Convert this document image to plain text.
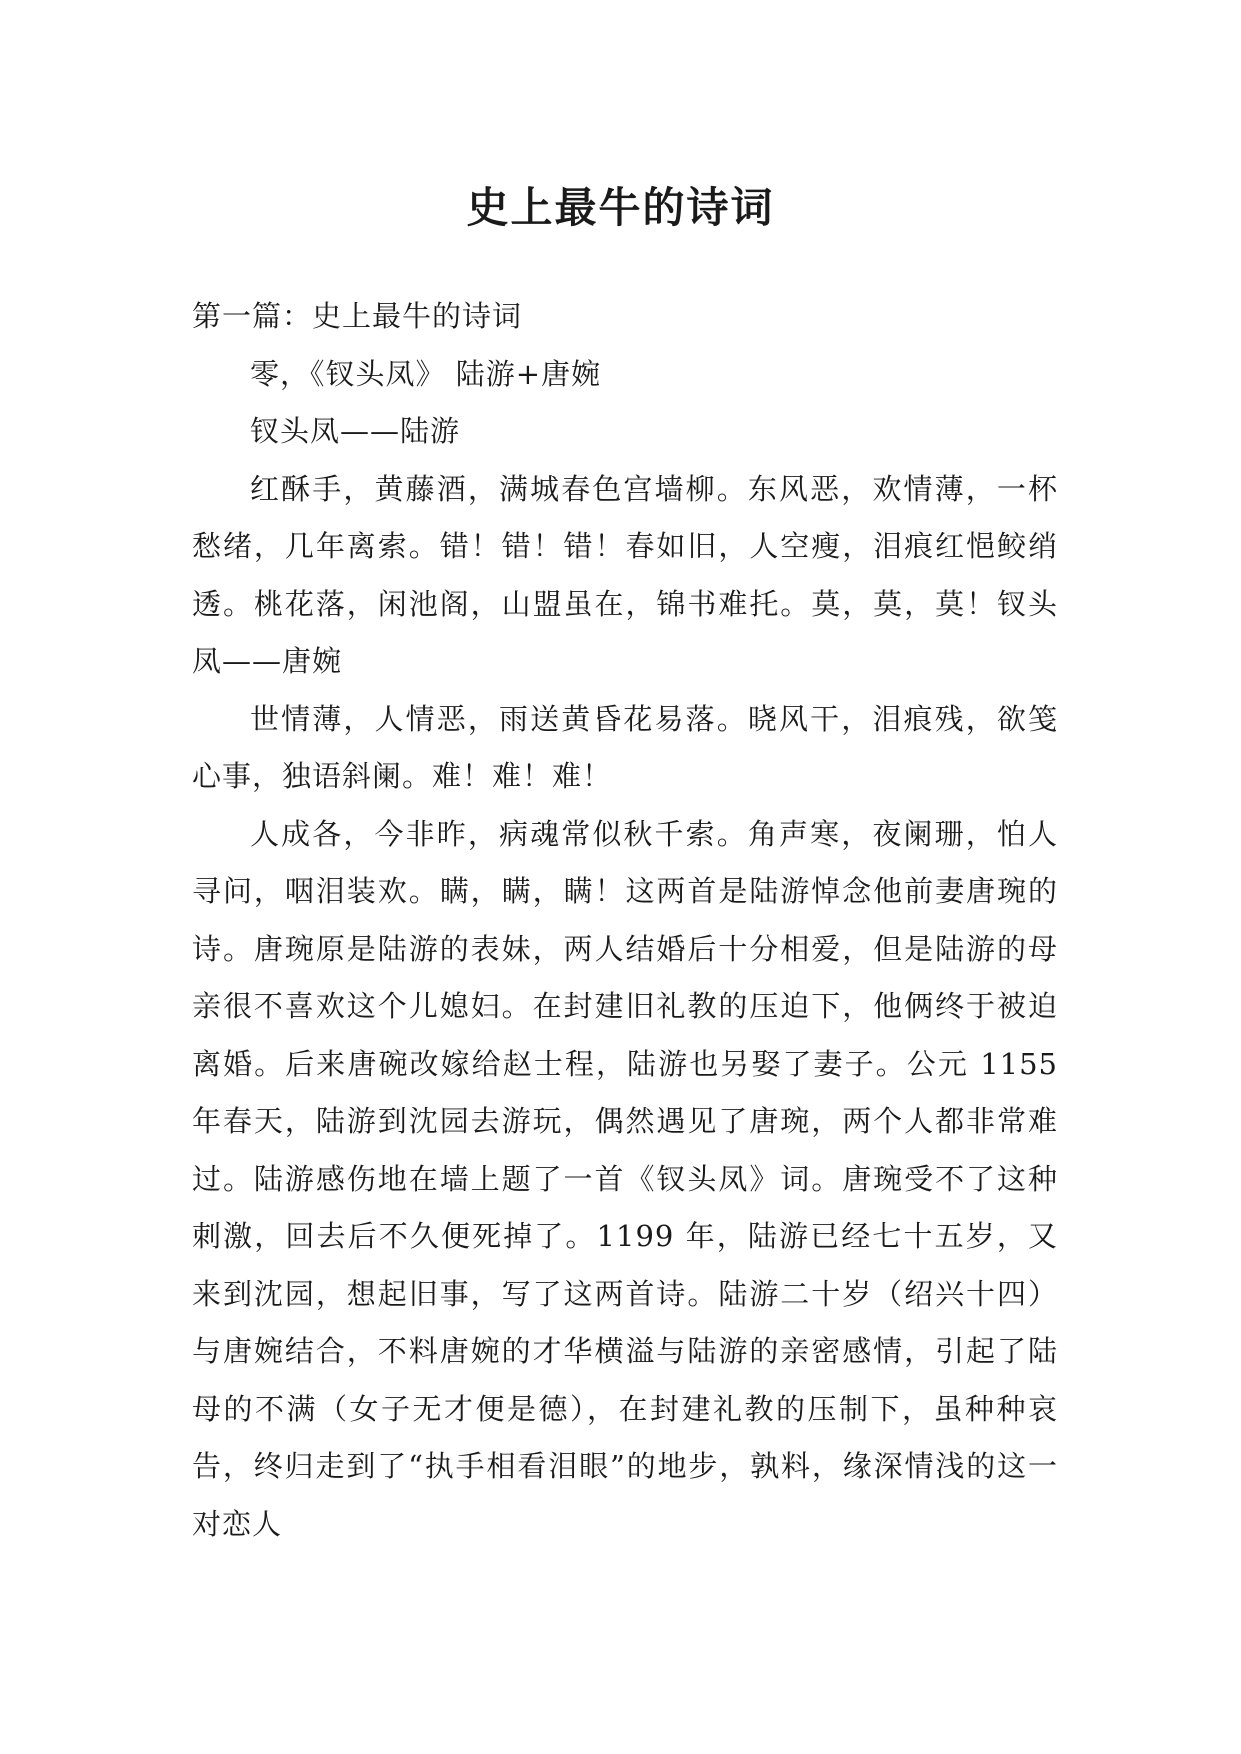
史上最牛的诗词

第一篇：史上最牛的诗词

零，《钗头凤》 陆游+唐婉

钗头凤——陆游

红酥手，黄藤酒，满城春色宫墙柳。东风恶，欢情薄，一杯愁绪，几年离索。错！错！错！春如旧，人空瘦，泪痕红悒鲛绡透。桃花落，闲池阁，山盟虽在，锦书难托。莫，莫，莫！钗头凤——唐婉

世情薄，人情恶，雨送黄昏花易落。晓风干，泪痕残，欲笺心事，独语斜阑。难！难！难！

人成各，今非昨，病魂常似秋千索。角声寒，夜阑珊，怕人寻问，咽泪装欢。瞒，瞒，瞒！这两首是陆游悼念他前妻唐琬的诗。唐琬原是陆游的表妹，两人结婚后十分相爱，但是陆游的母亲很不喜欢这个儿媳妇。在封建旧礼教的压迫下，他俩终于被迫离婚。后来唐碗改嫁给赵士程，陆游也另娶了妻子。公元 1155 年春天，陆游到沈园去游玩，偶然遇见了唐琬，两个人都非常难过。陆游感伤地在墙上题了一首《钗头凤》词。唐琬受不了这种刺激，回去后不久便死掉了。1199 年，陆游已经七十五岁，又来到沈园，想起旧事，写了这两首诗。陆游二十岁（绍兴十四）与唐婉结合，不料唐婉的才华横溢与陆游的亲密感情，引起了陆母的不满（女子无才便是德），在封建礼教的压制下，虽种种哀告，终归走到了“执手相看泪眼”的地步，孰料，缘深情浅的这一对恋人
